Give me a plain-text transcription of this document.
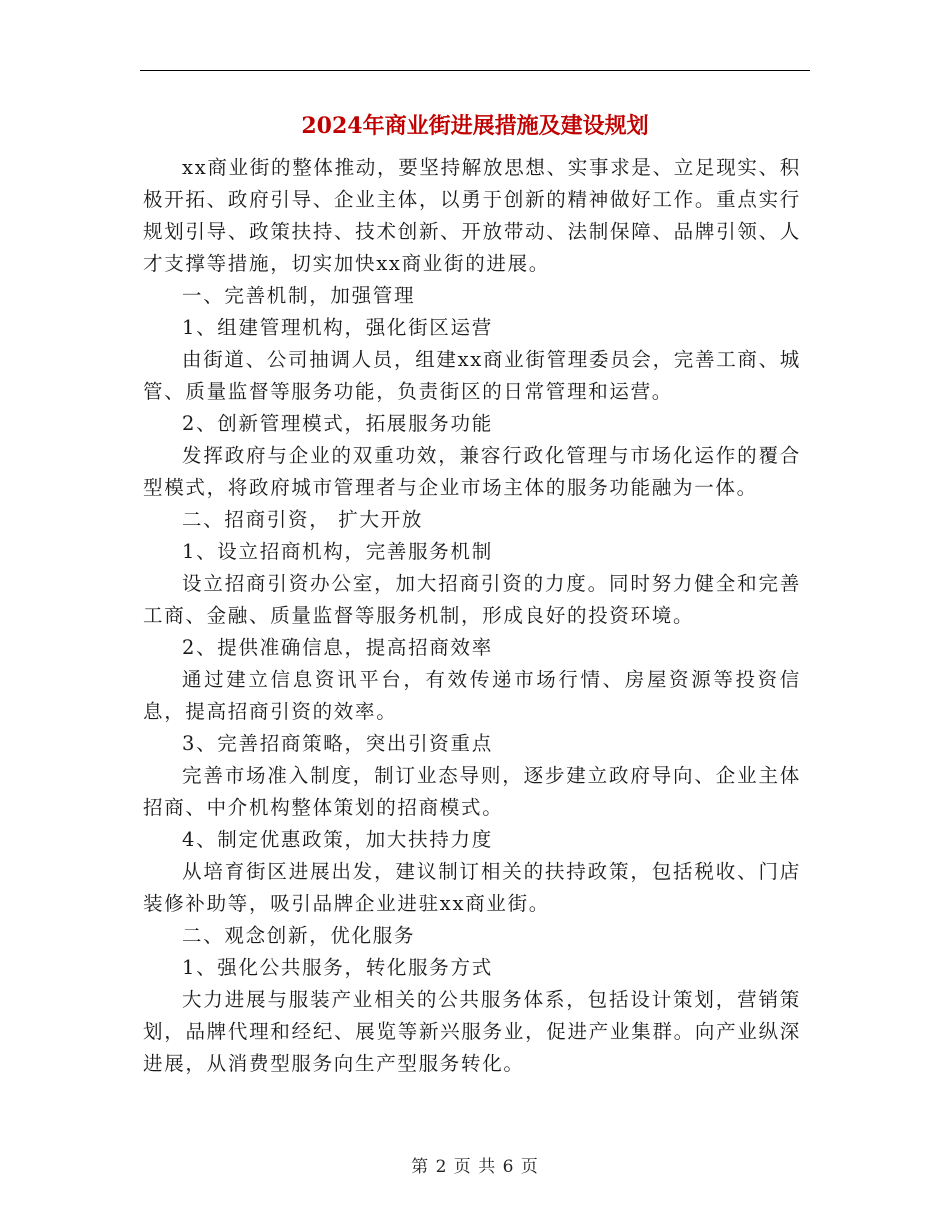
2024年商业街进展措施及建设规划

xx商业街的整体推动，要坚持解放思想、实事求是、立足现实、积极开拓、政府引导、企业主体，以勇于创新的精神做好工作。重点实行规划引导、政策扶持、技术创新、开放带动、法制保障、品牌引领、人才支撑等措施，切实加快xx商业街的进展。

一、完善机制，加强管理

1、组建管理机构，强化街区运营

由街道、公司抽调人员，组建xx商业街管理委员会，完善工商、城管、质量监督等服务功能，负责街区的日常管理和运营。

2、创新管理模式，拓展服务功能

发挥政府与企业的双重功效，兼容行政化管理与市场化运作的覆合型模式，将政府城市管理者与企业市场主体的服务功能融为一体。

二、招商引资， 扩大开放

1、设立招商机构，完善服务机制

设立招商引资办公室，加大招商引资的力度。同时努力健全和完善工商、金融、质量监督等服务机制，形成良好的投资环境。

2、提供准确信息，提高招商效率

通过建立信息资讯平台，有效传递市场行情、房屋资源等投资信息，提高招商引资的效率。

3、完善招商策略，突出引资重点

完善市场准入制度，制订业态导则，逐步建立政府导向、企业主体招商、中介机构整体策划的招商模式。

4、制定优惠政策，加大扶持力度

从培育街区进展出发，建议制订相关的扶持政策，包括税收、门店装修补助等，吸引品牌企业进驻xx商业街。

二、观念创新，优化服务

1、强化公共服务，转化服务方式

大力进展与服装产业相关的公共服务体系，包括设计策划，营销策划，品牌代理和经纪、展览等新兴服务业，促进产业集群。向产业纵深进展，从消费型服务向生产型服务转化。

第 2 页 共 6 页
